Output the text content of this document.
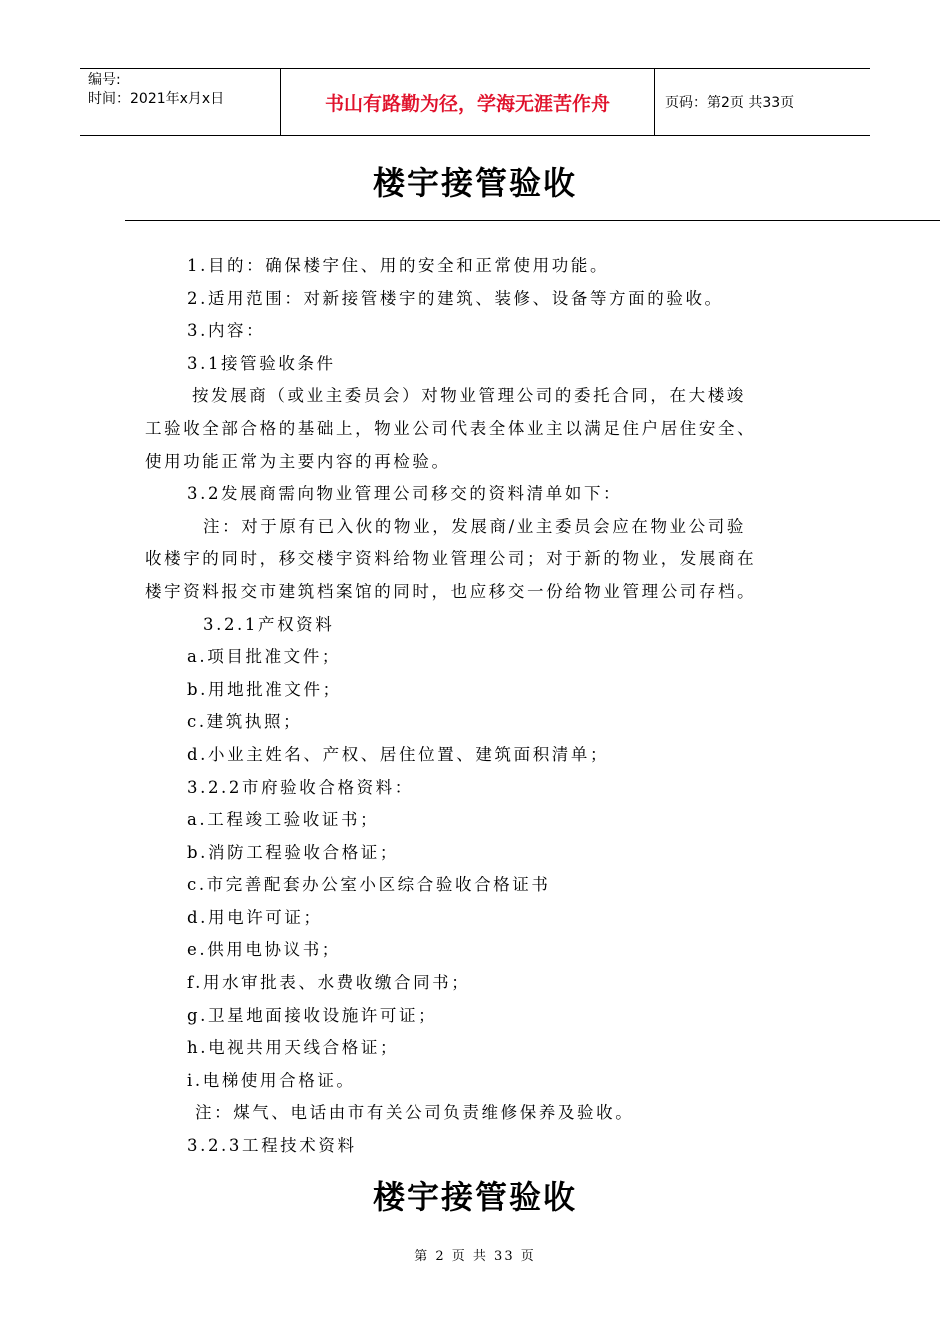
编号:
时间：2021年x月x日	书山有路勤为径，学海无涯苦作舟	页码：第2页 共33页
楼宇接管验收
1.目的：确保楼宇住、用的安全和正常使用功能。
2.适用范围：对新接管楼宇的建筑、装修、设备等方面的验收。
3.内容：
3.1接管验收条件
按发展商（或业主委员会）对物业管理公司的委托合同，在大楼竣
工验收全部合格的基础上，物业公司代表全体业主以满足住户居住安全、
使用功能正常为主要内容的再检验。
3.2发展商需向物业管理公司移交的资料清单如下：
注：对于原有已入伙的物业，发展商/业主委员会应在物业公司验
收楼宇的同时，移交楼宇资料给物业管理公司；对于新的物业，发展商在
楼宇资料报交市建筑档案馆的同时，也应移交一份给物业管理公司存档。
3.2.1产权资料
a.项目批准文件；
b.用地批准文件；
c.建筑执照；
d.小业主姓名、产权、居住位置、建筑面积清单；
3.2.2市府验收合格资料：
a.工程竣工验收证书；
b.消防工程验收合格证；
c.市完善配套办公室小区综合验收合格证书
d.用电许可证；
e.供用电协议书；
f.用水审批表、水费收缴合同书；
g.卫星地面接收设施许可证；
h.电视共用天线合格证；
i.电梯使用合格证。
注：煤气、电话由市有关公司负责维修保养及验收。
3.2.3工程技术资料
楼宇接管验收
第 2 页 共 33 页
